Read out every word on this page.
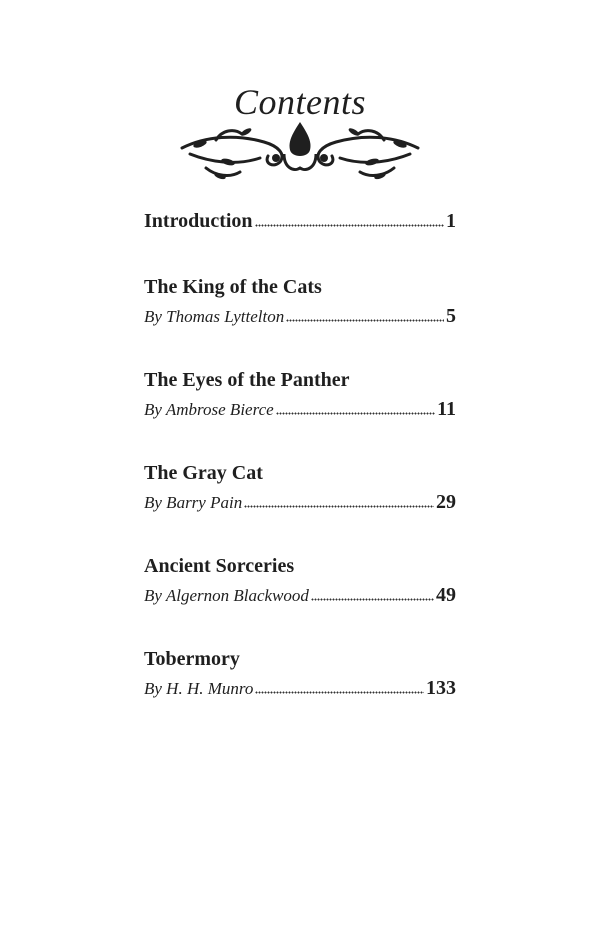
Contents
Introduction	1
The King of the Cats
By Thomas Lyttelton	5
The Eyes of the Panther
By Ambrose Bierce	11
The Gray Cat
By Barry Pain	29
Ancient Sorceries
By Algernon Blackwood	49
Tobermory
By H. H. Munro	133
